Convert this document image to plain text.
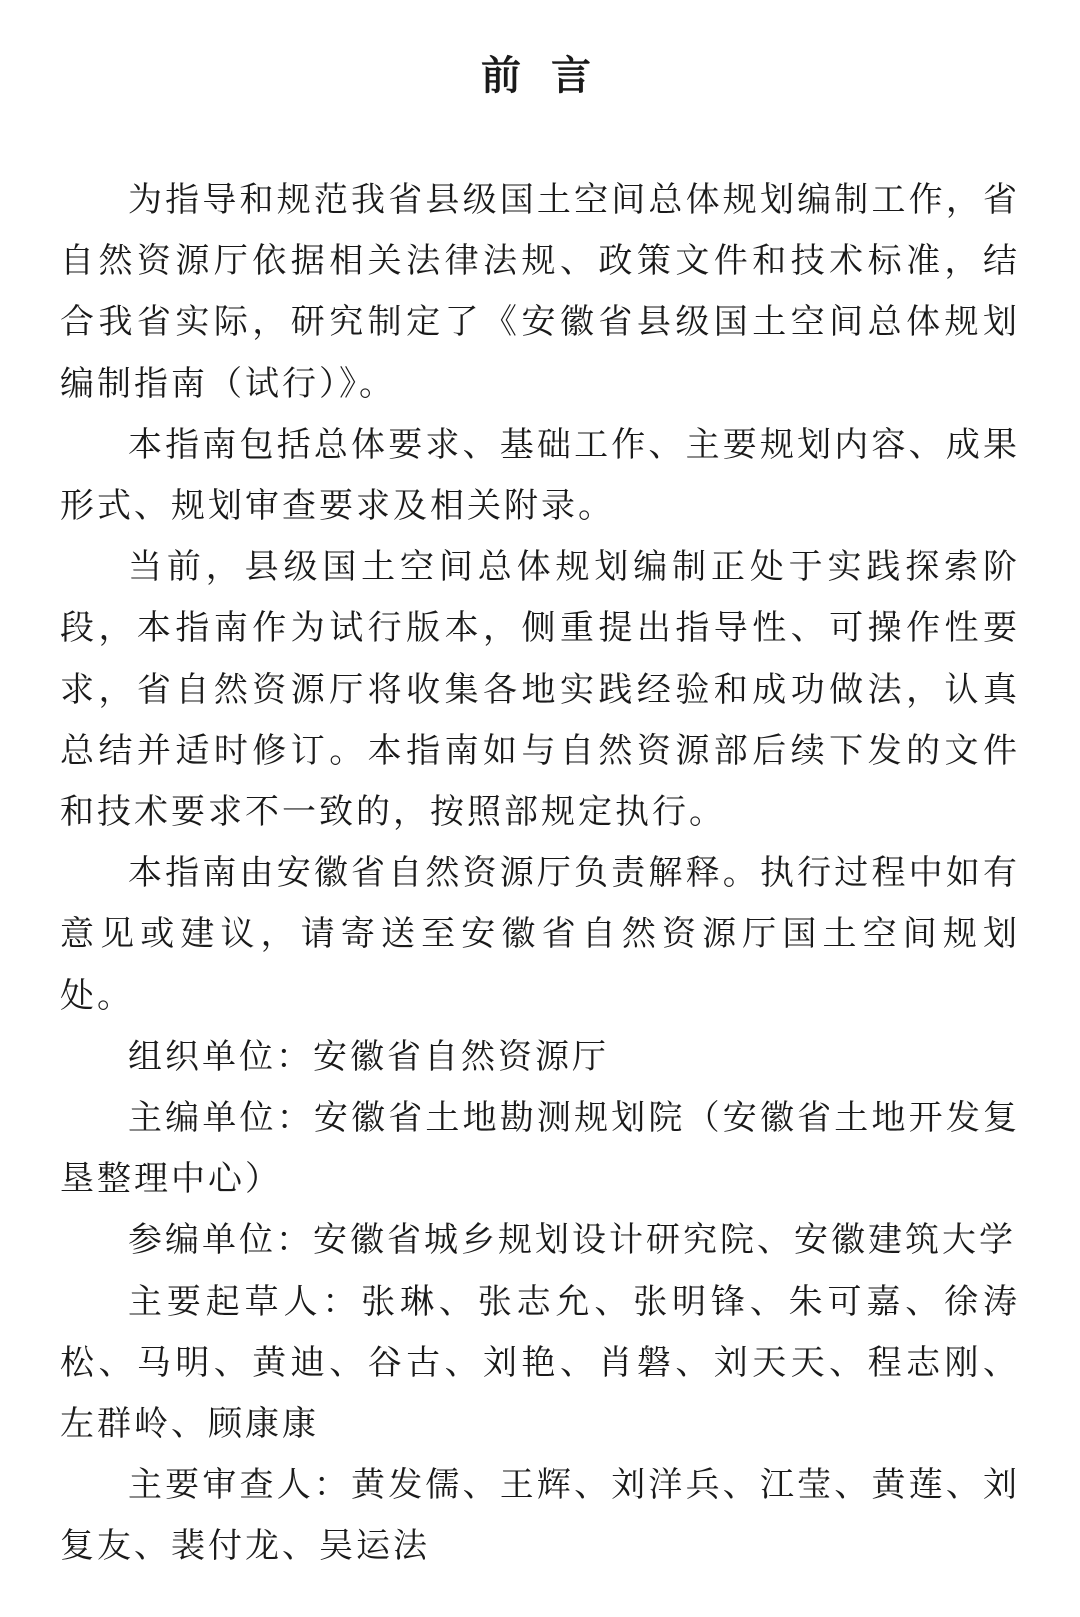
前 言

为指导和规范我省县级国土空间总体规划编制工作，省自然资源厅依据相关法律法规、政策文件和技术标准，结合我省实际，研究制定了《安徽省县级国土空间总体规划编制指南（试行）》。

本指南包括总体要求、基础工作、主要规划内容、成果形式、规划审查要求及相关附录。

当前，县级国土空间总体规划编制正处于实践探索阶段，本指南作为试行版本，侧重提出指导性、可操作性要求，省自然资源厅将收集各地实践经验和成功做法，认真总结并适时修订。本指南如与自然资源部后续下发的文件和技术要求不一致的，按照部规定执行。

本指南由安徽省自然资源厅负责解释。执行过程中如有意见或建议，请寄送至安徽省自然资源厅国土空间规划处。

组织单位：安徽省自然资源厅

主编单位：安徽省土地勘测规划院（安徽省土地开发复垦整理中心）

参编单位：安徽省城乡规划设计研究院、安徽建筑大学

主要起草人：张琳、张志允、张明锋、朱可嘉、徐涛松、马明、黄迪、谷古、刘艳、肖磐、刘天天、程志刚、左群岭、顾康康

主要审查人：黄发儒、王辉、刘洋兵、江莹、黄莲、刘复友、裴付龙、吴运法
